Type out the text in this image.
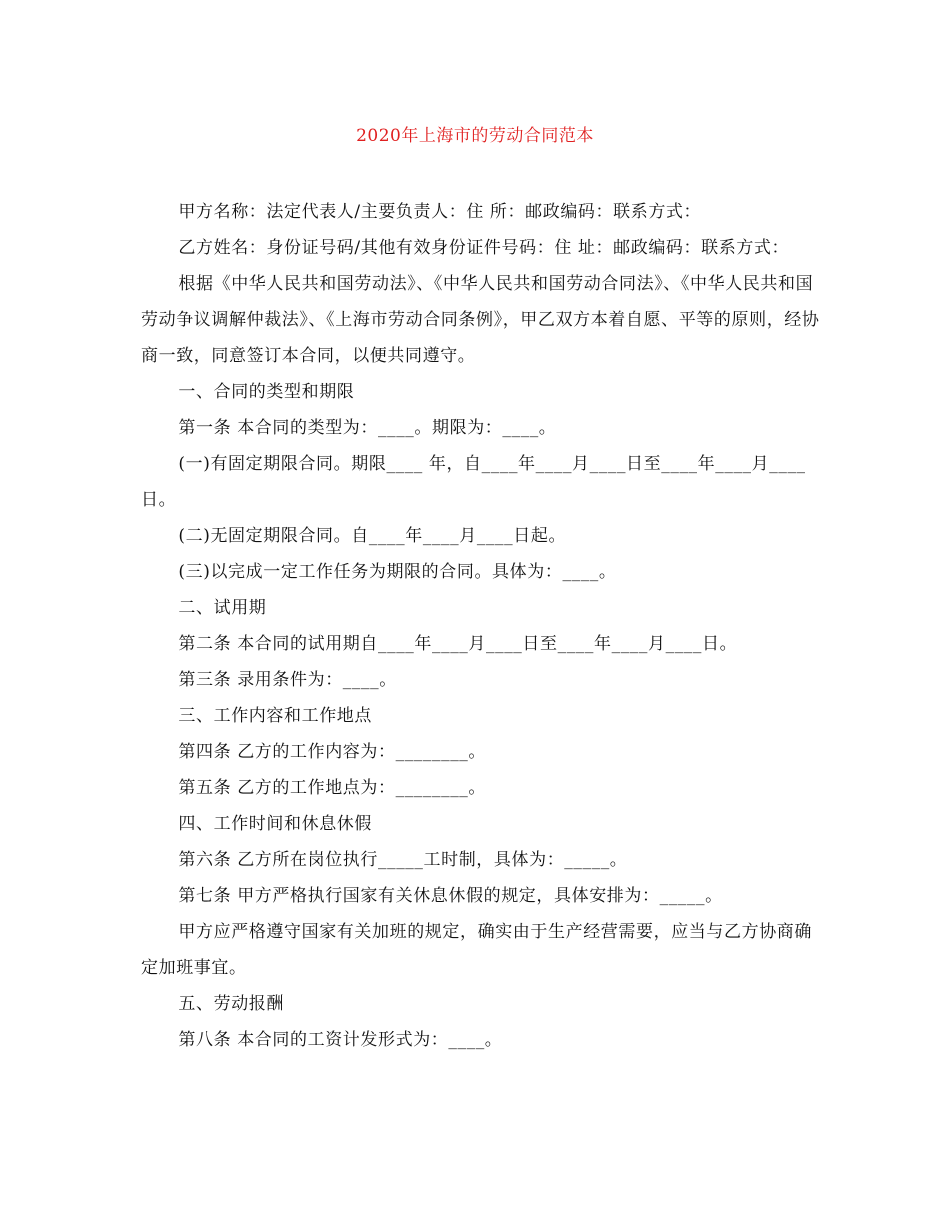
2020年上海市的劳动合同范本

甲方名称：法定代表人/主要负责人：住 所：邮政编码：联系方式：

乙方姓名：身份证号码/其他有效身份证件号码：住 址：邮政编码：联系方式：

根据《中华人民共和国劳动法》、《中华人民共和国劳动合同法》、《中华人民共和国劳动争议调解仲裁法》、《上海市劳动合同条例》，甲乙双方本着自愿、平等的原则，经协商一致，同意签订本合同，以便共同遵守。

一、合同的类型和期限

第一条 本合同的类型为：____。期限为：____。

(一)有固定期限合同。期限____ 年，自____年____月____日至____年____月____日。

(二)无固定期限合同。自____年____月____日起。

(三)以完成一定工作任务为期限的合同。具体为：____。

二、试用期

第二条 本合同的试用期自____年____月____日至____年____月____日。

第三条 录用条件为：____。

三、工作内容和工作地点

第四条 乙方的工作内容为：________。

第五条 乙方的工作地点为：________。

四、工作时间和休息休假

第六条 乙方所在岗位执行_____工时制，具体为：_____。

第七条 甲方严格执行国家有关休息休假的规定，具体安排为：_____。

甲方应严格遵守国家有关加班的规定，确实由于生产经营需要，应当与乙方协商确定加班事宜。

五、劳动报酬

第八条 本合同的工资计发形式为：____。
